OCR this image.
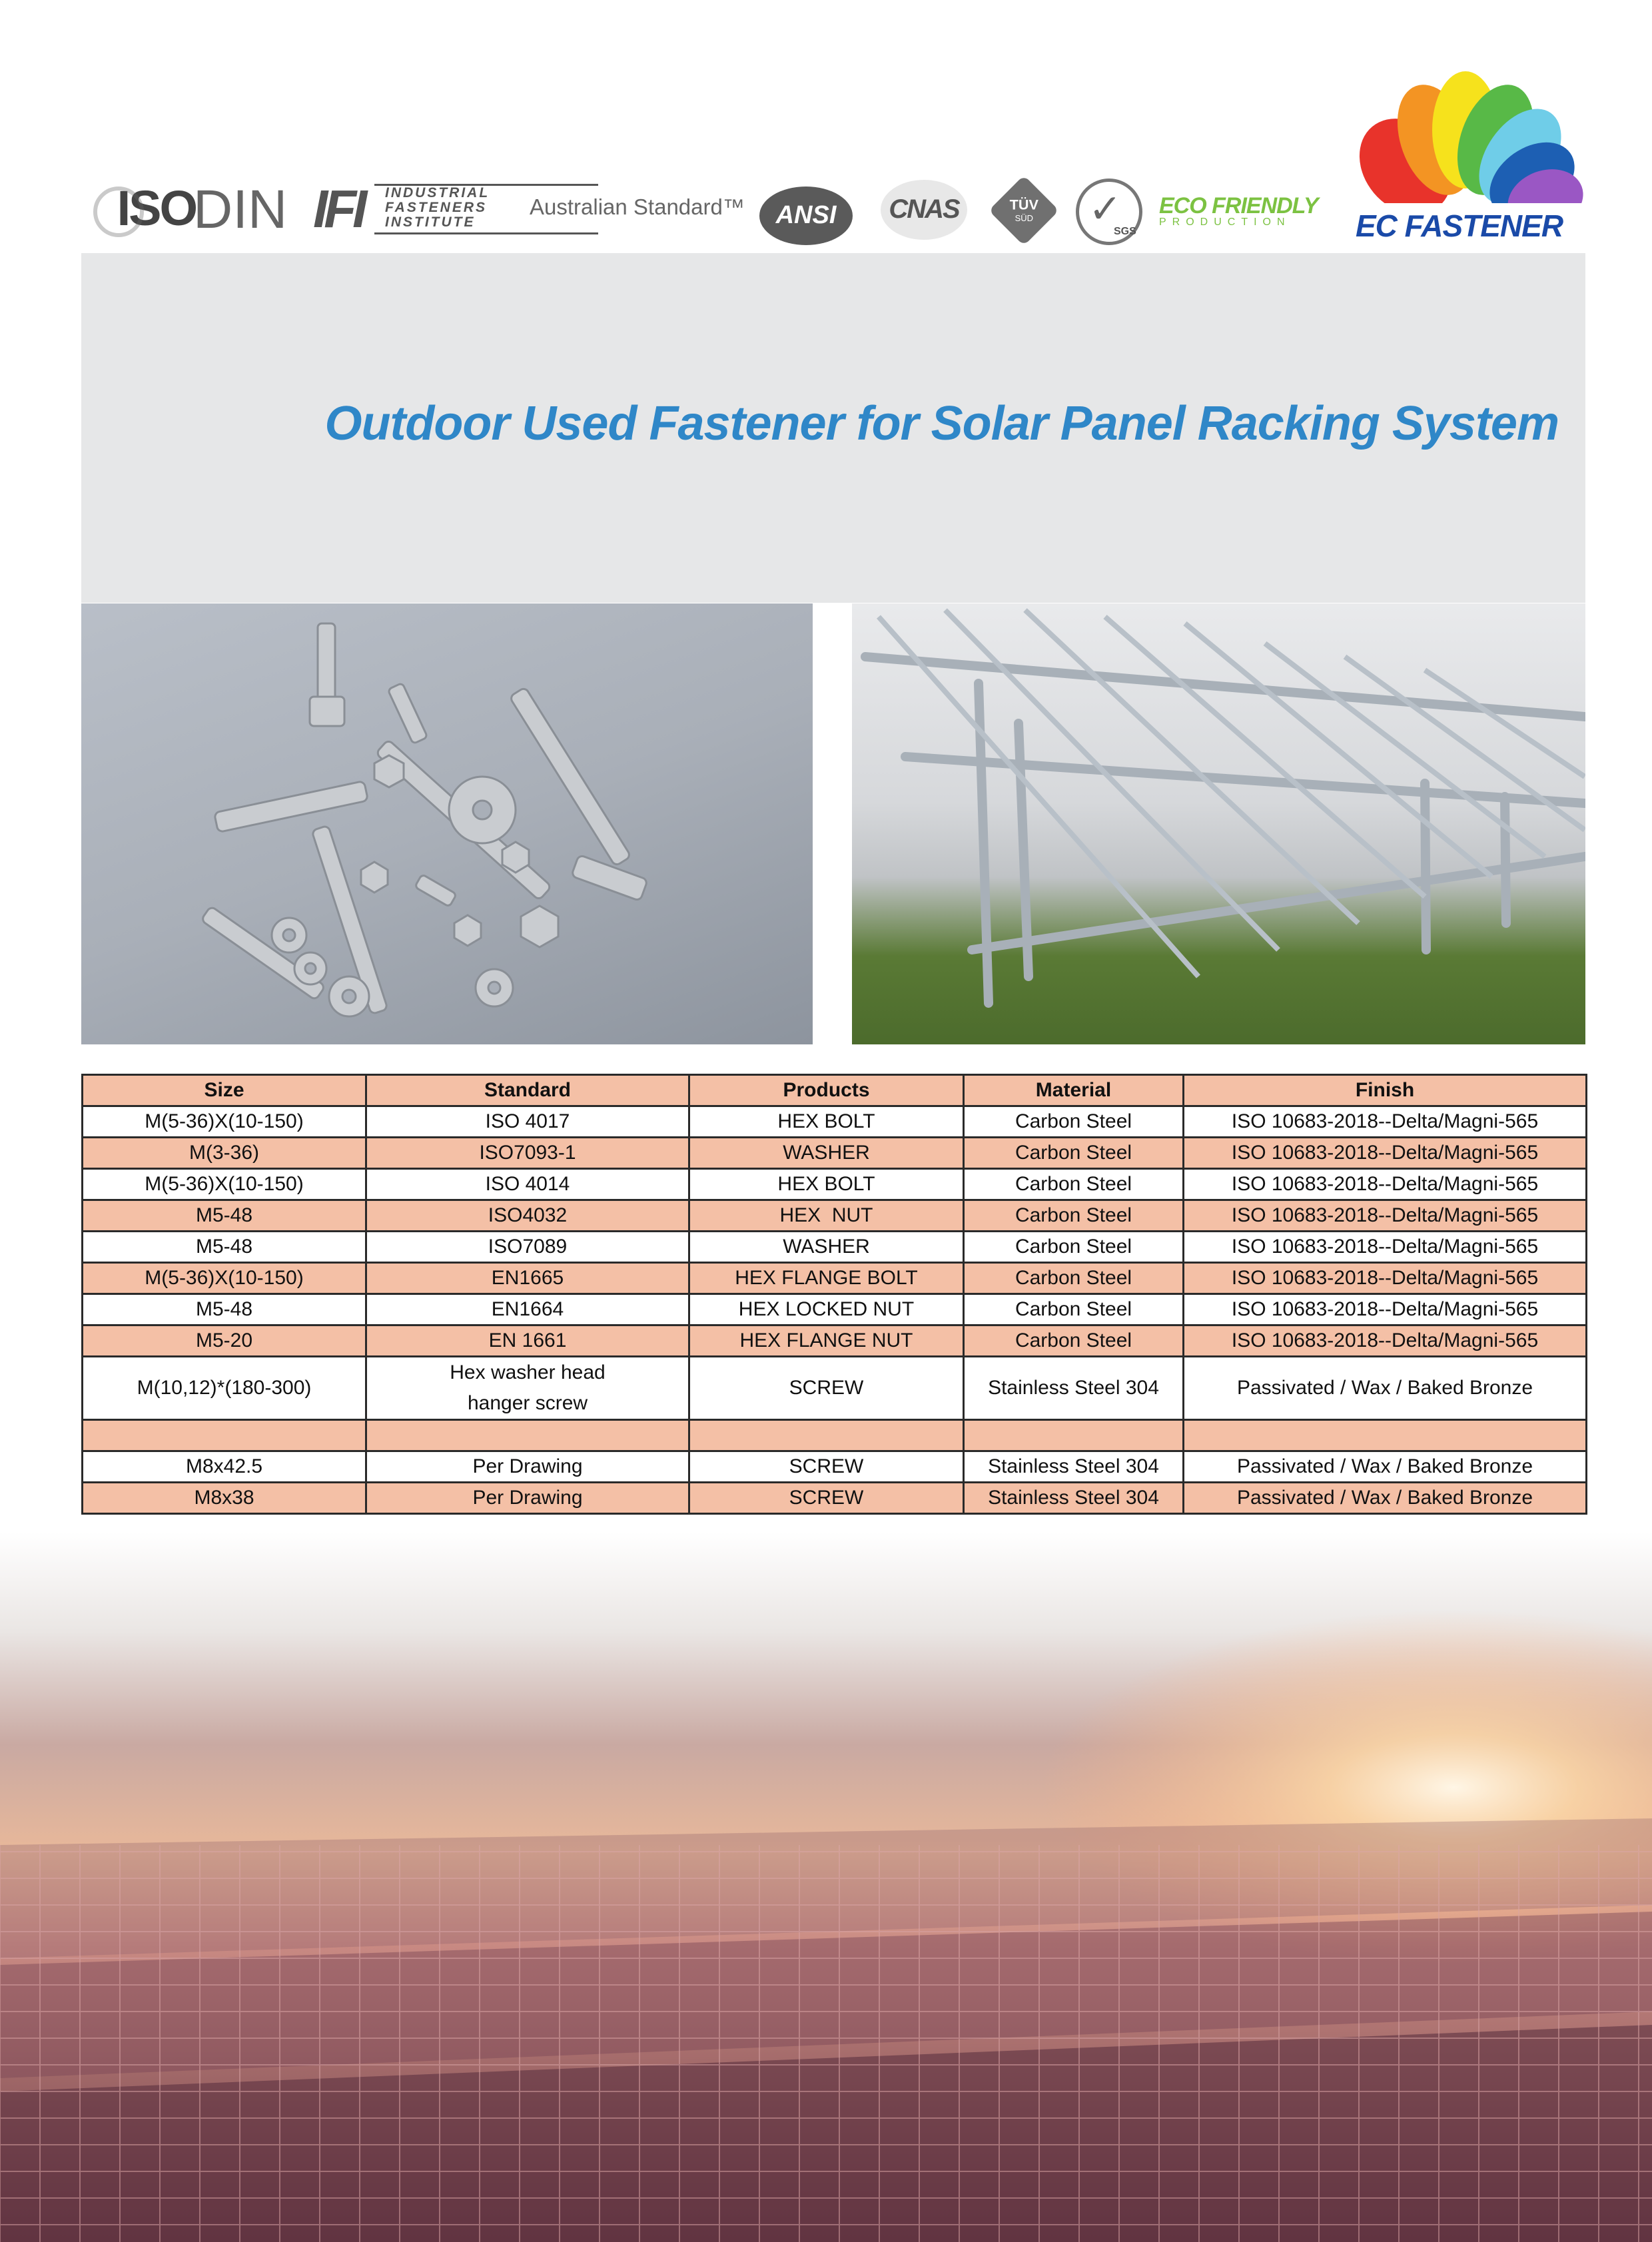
ISO
DIN IFI INDUSTRIAL
FASTENERS
INSTITUTE
Australian Standard™	ANSI	CNAS	TÜV
SÜD	✓
SGS
ECO FRIENDLY
PRODUCTION	EC FASTENER
Outdoor Used Fastener for Solar Panel Racking System
Size	Standard	Products	Material	Finish
M(5-36)X(10-150)	ISO 4017	HEX BOLT	Carbon Steel	ISO 10683-2018--Delta/Magni-565
M(3-36)	ISO7093-1	WASHER	Carbon Steel	ISO 10683-2018--Delta/Magni-565
M(5-36)X(10-150)	ISO 4014	HEX BOLT	Carbon Steel	ISO 10683-2018--Delta/Magni-565
M5-48	ISO4032	HEX  NUT	Carbon Steel	ISO 10683-2018--Delta/Magni-565
M5-48	ISO7089	WASHER	Carbon Steel	ISO 10683-2018--Delta/Magni-565
M(5-36)X(10-150)	EN1665	HEX FLANGE BOLT	Carbon Steel	ISO 10683-2018--Delta/Magni-565
M5-48	EN1664	HEX LOCKED NUT	Carbon Steel	ISO 10683-2018--Delta/Magni-565
M5-20	EN 1661	HEX FLANGE NUT	Carbon Steel	ISO 10683-2018--Delta/Magni-565
M(10,12)*(180-300)	Hex washer head hanger screw	SCREW	Stainless Steel 304	Passivated / Wax / Baked Bronze

M8x42.5	Per Drawing	SCREW	Stainless Steel 304	Passivated / Wax / Baked Bronze
M8x38	Per Drawing	SCREW	Stainless Steel 304	Passivated / Wax / Baked Bronze
